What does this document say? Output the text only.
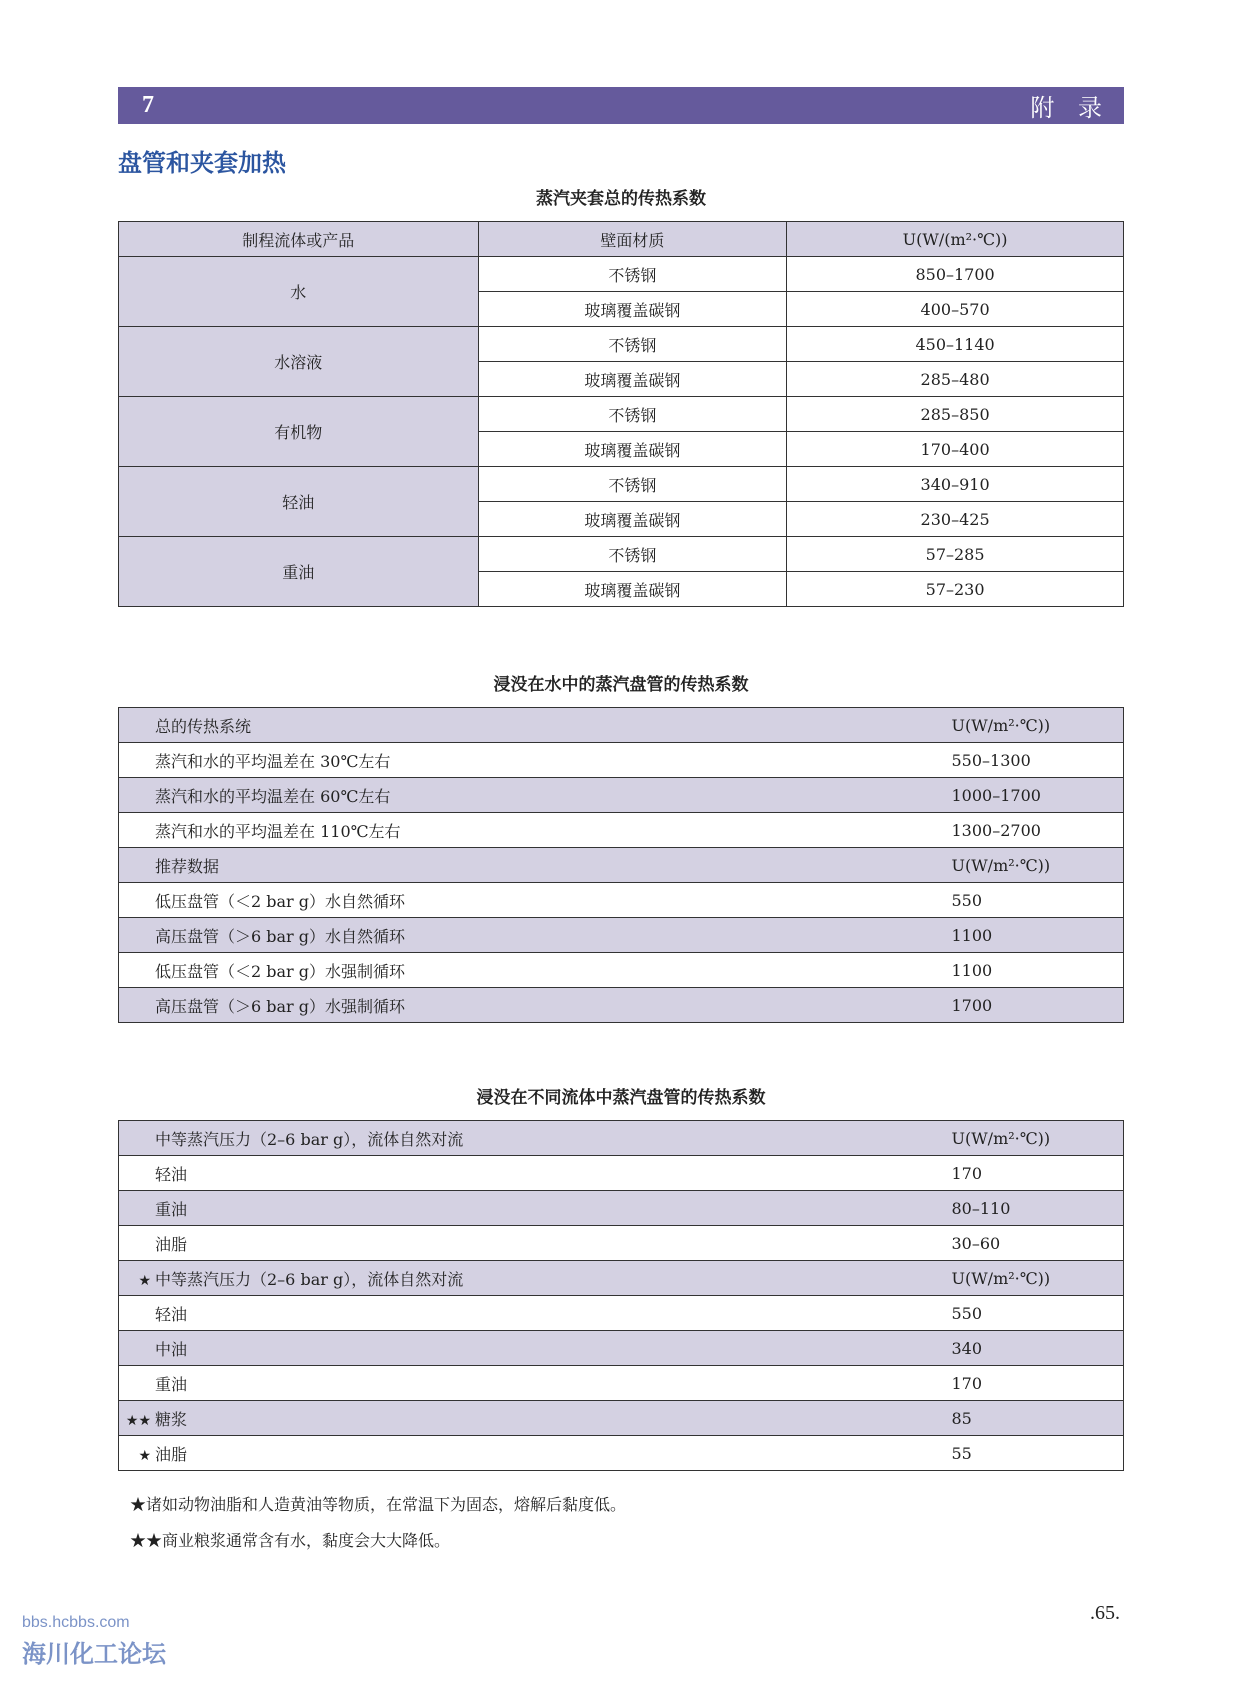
7	附 录
盘管和夹套加热
蒸汽夹套总的传热系数
制程流体或产品	壁面材质	U(W/(m²·℃))
水	不锈钢	850–1700
	玻璃覆盖碳钢	400–570
水溶液	不锈钢	450–1140
	玻璃覆盖碳钢	285–480
有机物	不锈钢	285–850
	玻璃覆盖碳钢	170–400
轻油	不锈钢	340–910
	玻璃覆盖碳钢	230–425
重油	不锈钢	57–285
	玻璃覆盖碳钢	57–230
浸没在水中的蒸汽盘管的传热系数
总的传热系统	U(W/m²·℃))
蒸汽和水的平均温差在 30℃左右	550–1300
蒸汽和水的平均温差在 60℃左右	1000–1700
蒸汽和水的平均温差在 110℃左右	1300–2700
推荐数据	U(W/m²·℃))
低压盘管（＜2 bar g）水自然循环	550
高压盘管（＞6 bar g）水自然循环	1100
低压盘管（＜2 bar g）水强制循环	1100
高压盘管（＞6 bar g）水强制循环	1700
浸没在不同流体中蒸汽盘管的传热系数
中等蒸汽压力（2–6 bar g），流体自然对流	U(W/m²·℃))
轻油	170
重油	80–110
油脂	30–60

★ 中等蒸汽压力（2–6 bar g），流体自然对流	U(W/m²·℃))
轻油	550
中油	340
重油	170

★★ 糖浆	85

★ 油脂	55
★诸如动物油脂和人造黄油等物质，在常温下为固态，熔解后黏度低。
★★商业粮浆通常含有水，黏度会大大降低。
.65.
bbs.hcbbs.com
海川化工论坛
